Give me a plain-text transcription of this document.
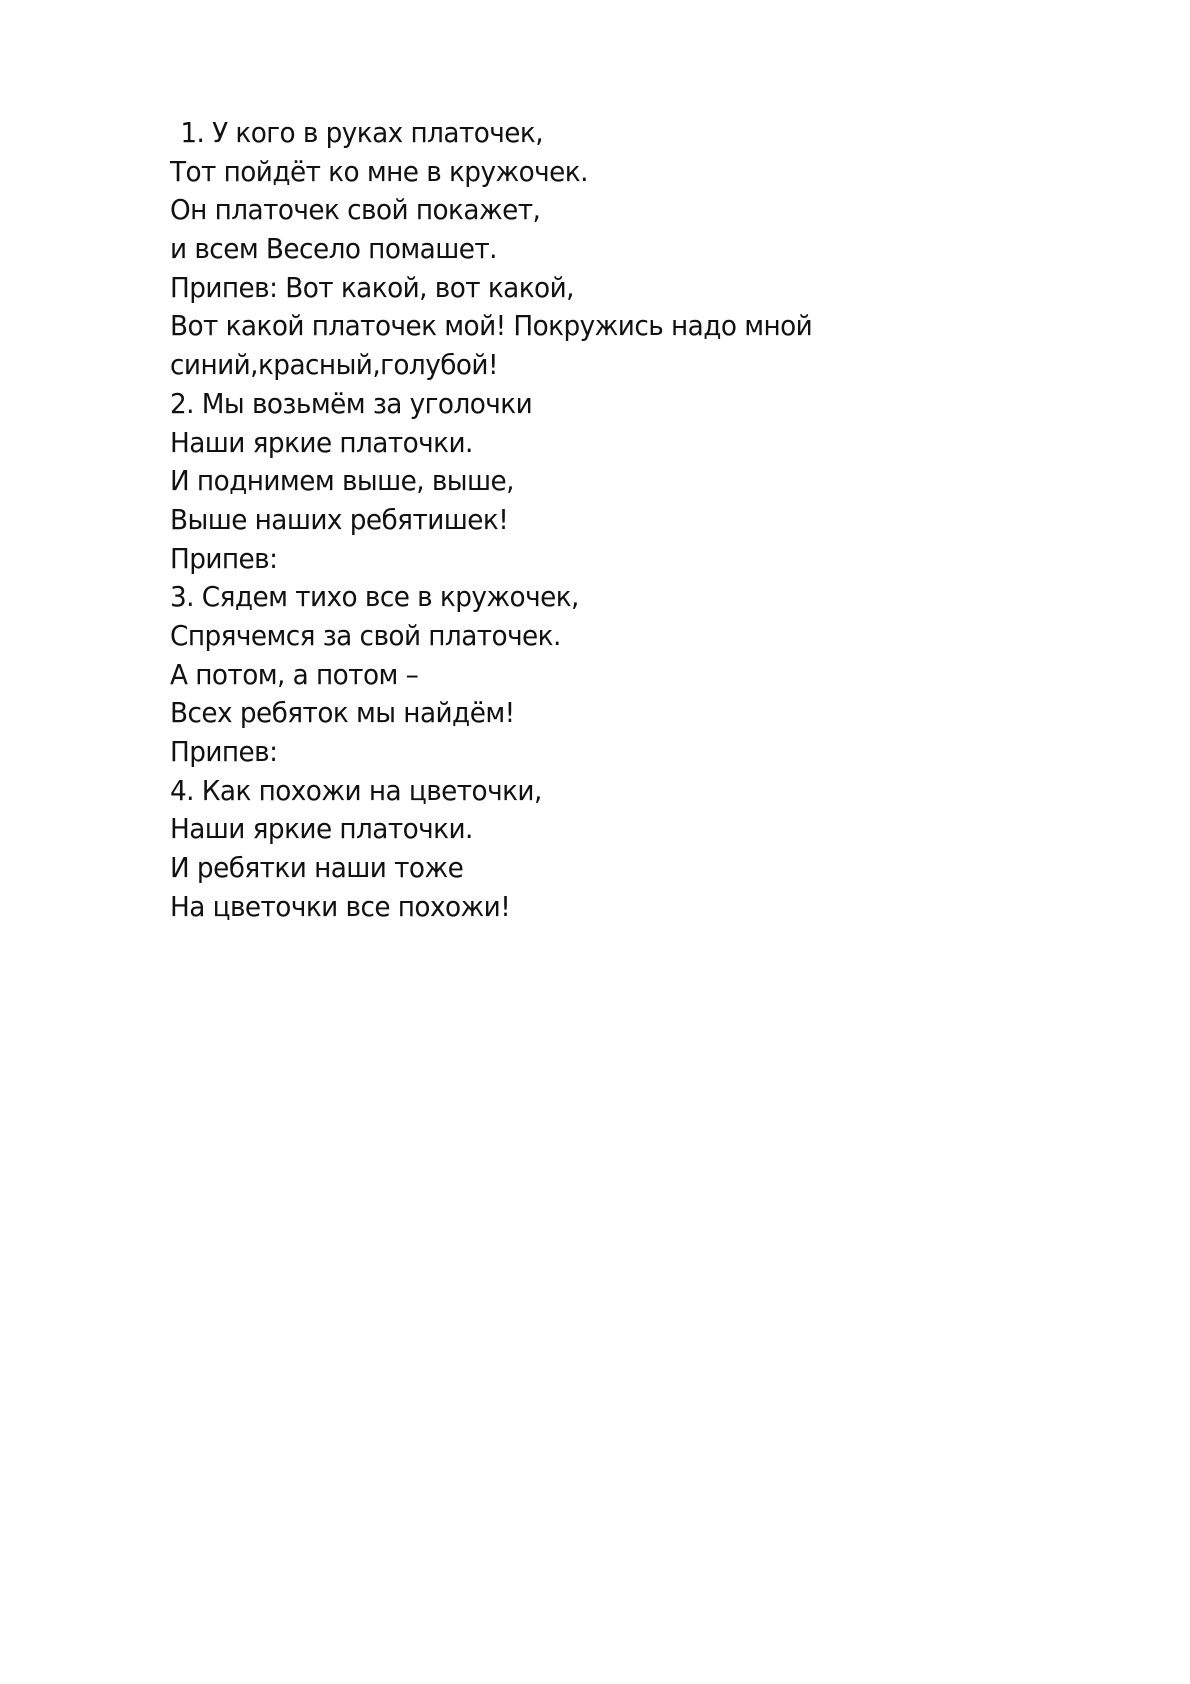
1. У кого в руках платочек,
Тот пойдёт ко мне в кружочек.
Он платочек свой покажет,
и всем Весело помашет.
Припев: Вот какой, вот какой,
Вот какой платочек мой! Покружись надо мной
синий,красный,голубой!
2. Мы возьмём за уголочки
Наши яркие платочки.
И поднимем выше, выше,
Выше наших ребятишек!
Припев:
3. Сядем тихо все в кружочек,
Спрячемся за свой платочек.
А потом, а потом –
Всех ребяток мы найдём!
Припев:
4. Как похожи на цветочки,
Наши яркие платочки.
И ребятки наши тоже
На цветочки все похожи!
